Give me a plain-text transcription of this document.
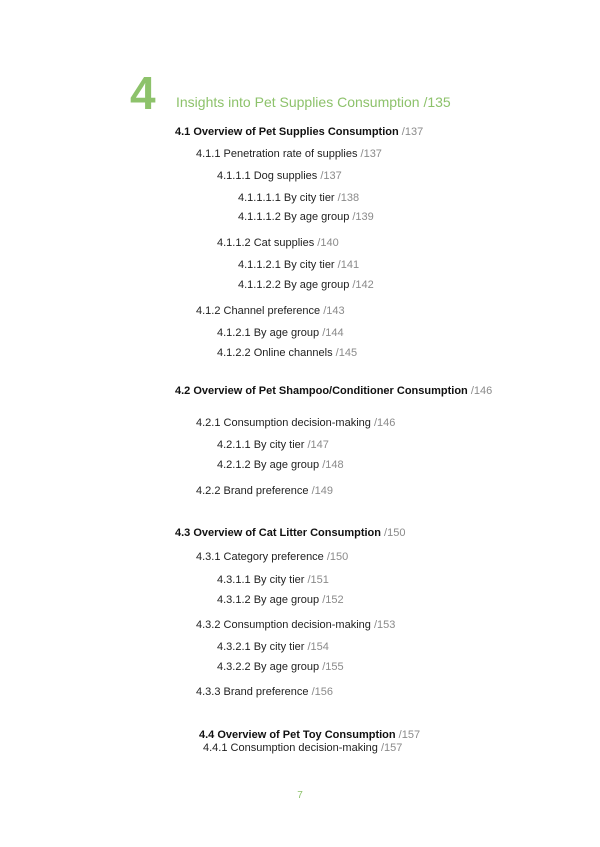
4 Insights into Pet Supplies Consumption /135
4.1 Overview of Pet Supplies Consumption /137
4.1.1 Penetration rate of supplies /137
4.1.1.1 Dog supplies /137
4.1.1.1.1 By city tier /138
4.1.1.1.2 By age group /139
4.1.1.2 Cat supplies /140
4.1.1.2.1 By city tier /141
4.1.1.2.2 By age group /142
4.1.2 Channel preference /143
4.1.2.1 By age group /144
4.1.2.2 Online channels /145
4.2 Overview of Pet Shampoo/Conditioner Consumption /146
4.2.1 Consumption decision-making /146
4.2.1.1 By city tier /147
4.2.1.2 By age group /148
4.2.2 Brand preference /149
4.3 Overview of Cat Litter Consumption /150
4.3.1 Category preference /150
4.3.1.1 By city tier /151
4.3.1.2 By age group /152
4.3.2 Consumption decision-making /153
4.3.2.1 By city tier /154
4.3.2.2 By age group /155
4.3.3 Brand preference /156
4.4 Overview of Pet Toy Consumption /157
4.4.1 Consumption decision-making /157
7
